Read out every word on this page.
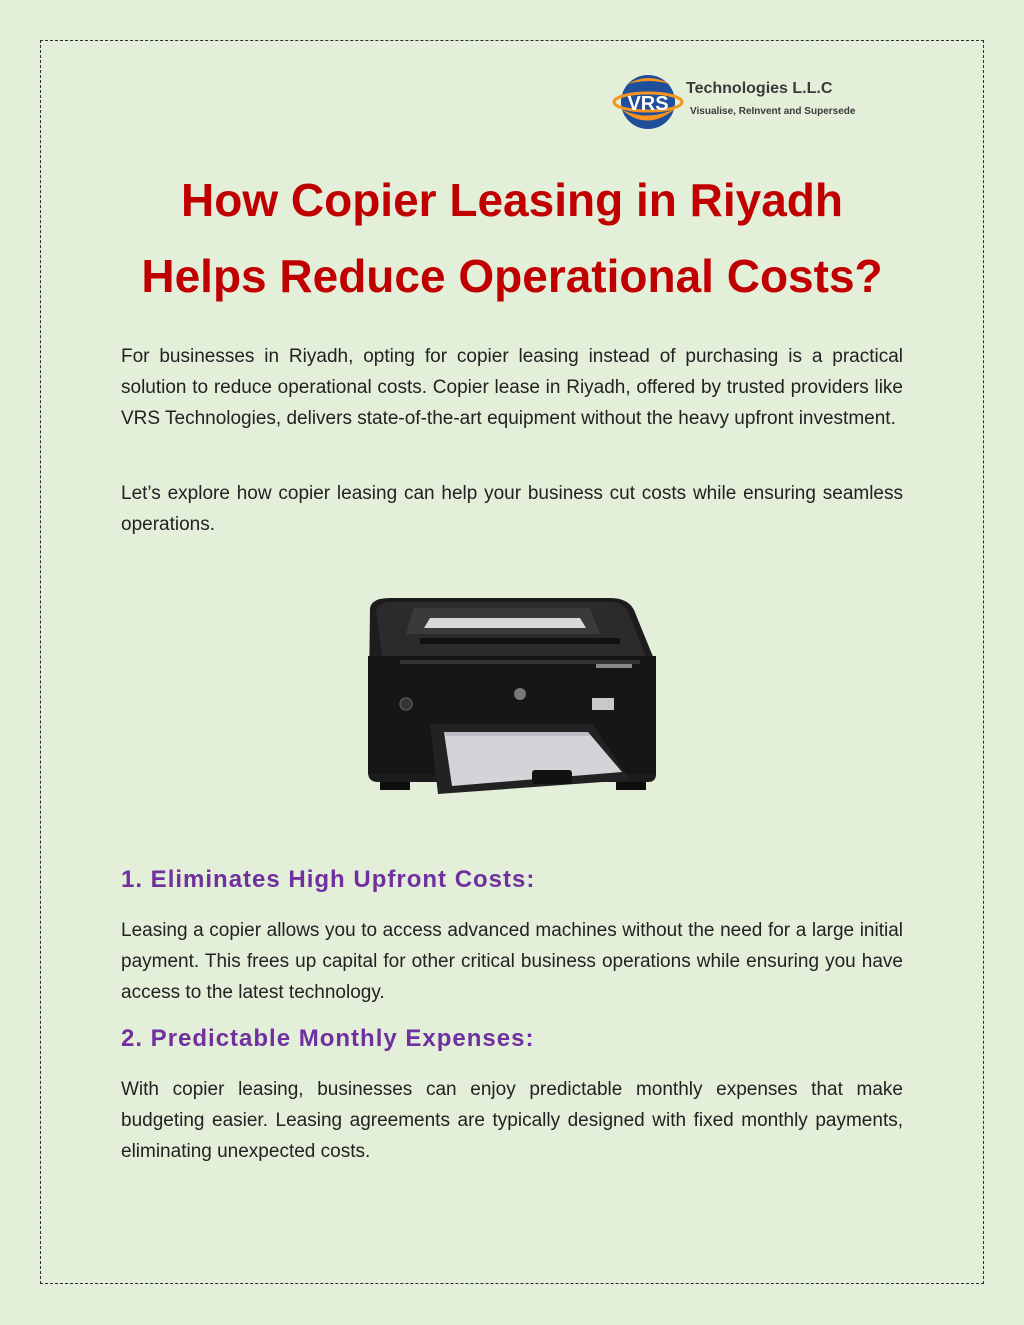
VRS
Technologies L.L.C
Visualise, ReInvent and Supersede
How Copier Leasing in Riyadh
Helps Reduce Operational Costs?

For businesses in Riyadh, opting for copier leasing instead of purchasing is a practical solution to reduce operational costs. Copier lease in Riyadh, offered by trusted providers like VRS Technologies, delivers state-of-the-art equipment without the heavy upfront investment.

Let’s explore how copier leasing can help your business cut costs while ensuring seamless operations.

1. Eliminates High Upfront Costs:

Leasing a copier allows you to access advanced machines without the need for a large initial payment. This frees up capital for other critical business operations while ensuring you have access to the latest technology.

2. Predictable Monthly Expenses:

With copier leasing, businesses can enjoy predictable monthly expenses that make budgeting easier. Leasing agreements are typically designed with fixed monthly payments, eliminating unexpected costs.
